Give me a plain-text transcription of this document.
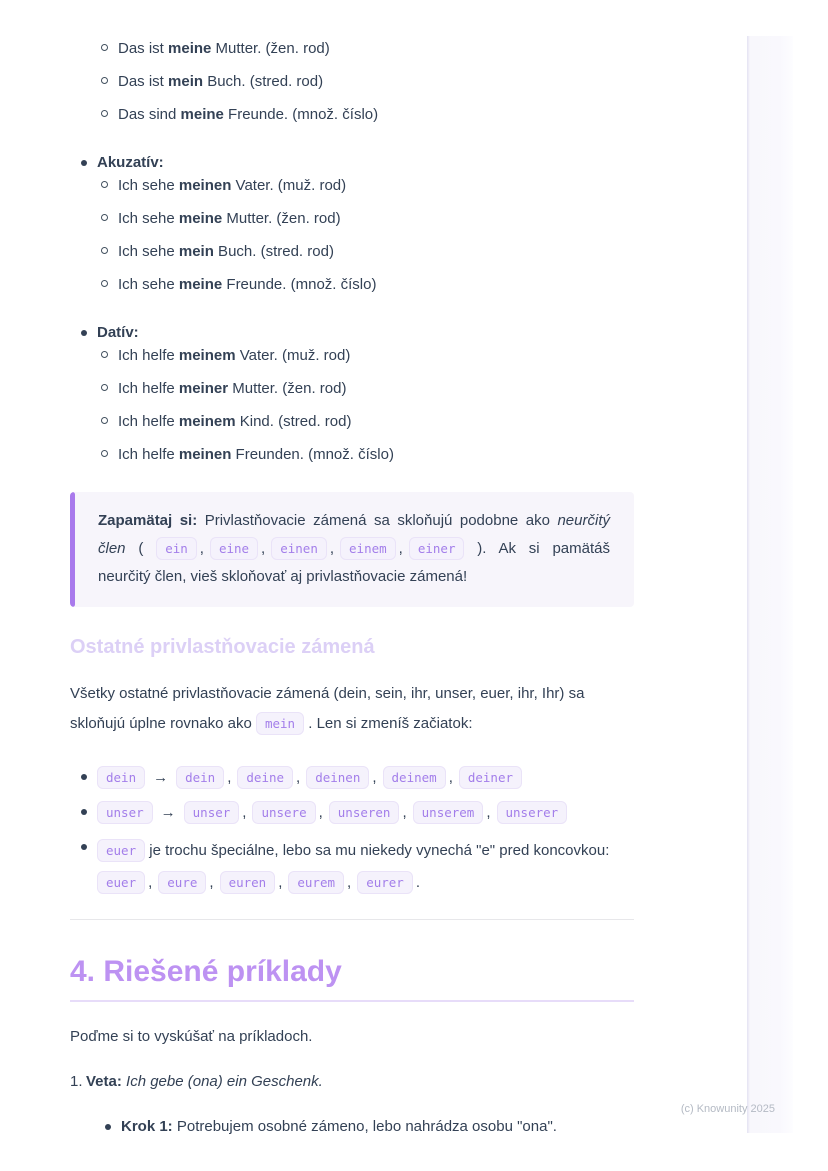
Das ist meine Mutter. (žen. rod)
Das ist mein Buch. (stred. rod)
Das sind meine Freunde. (množ. číslo)
Akuzatív:
Ich sehe meinen Vater. (muž. rod)
Ich sehe meine Mutter. (žen. rod)
Ich sehe mein Buch. (stred. rod)
Ich sehe meine Freunde. (množ. číslo)
Datív:
Ich helfe meinem Vater. (muž. rod)
Ich helfe meiner Mutter. (žen. rod)
Ich helfe meinem Kind. (stred. rod)
Ich helfe meinen Freunden. (množ. číslo)
Zapamätaj si: Privlastňovacie zámená sa skloňujú podobne ako neurčitý člen ( ein , eine , einen , einem , einer ). Ak si pamätáš neurčitý člen, vieš skloňovať aj privlastňovacie zámená!
Ostatné privlastňovacie zámená
Všetky ostatné privlastňovacie zámená (dein, sein, ihr, unser, euer, ihr, Ihr) sa skloňujú úplne rovnako ako mein . Len si zmeníš začiatok:
dein → dein , deine , deinen , deinem , deiner
unser → unser , unsere , unseren , unserem , unserer
euer je trochu špeciálne, lebo sa mu niekedy vynechá "e" pred koncovkou: euer , eure , euren , eurem , eurer .
4. Riešené príklady
Poďme si to vyskúšať na príkladoch.
1. Veta: Ich gebe (ona) ein Geschenk.
Krok 1: Potrebujem osobné zámeno, lebo nahrádza osobu "ona".
(c) Knowunity 2025
